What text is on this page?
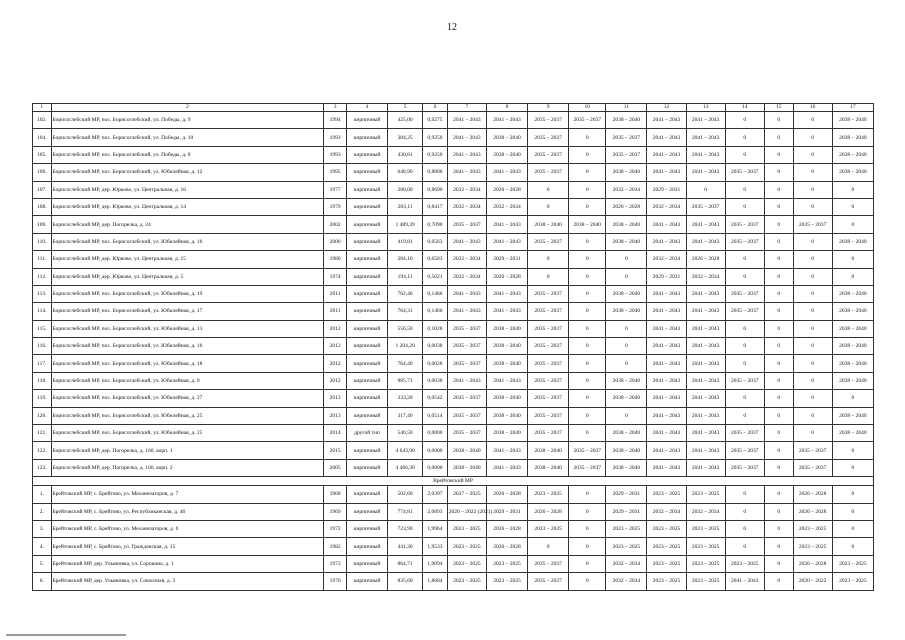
12
1	2	3	4	5	6	7	8	9	10	11	12	13	14	15	16	17
102.	Борисоглебский МР, пос. Борисоглебский, ул. Победы, д. 9	1994	кирпичный	425,00	0,9275	2041 – 2043	2041 – 2043	2035 – 2037	2035 – 2037	2038 – 2040	2041 – 2043	2041 – 2043	0	0	0	2038 – 2040
104.	Борисоглебский МР, пос. Борисоглебский, ул. Победы, д. 10	1993	кирпичный	384,25	0,9250	2041 – 2043	2038 – 2040	2035 – 2037	0	2035 – 2037	2041 – 2043	2041 – 2043	0	0	0	2038 – 2040
105.	Борисоглебский МР, пос. Борисоглебский, ул. Победы, д. 8	1993	кирпичный	430,81	0,9250	2041 – 2043	2038 – 2040	2035 – 2037	0	2035 – 2037	2041 – 2043	2041 – 2043	0	0	0	2038 – 2040
106.	Борисоглебский МР, пос. Борисоглебский, ул. Юбилейная, д. 12	1995	кирпичный	648,90	0,8806	2041 – 2043	2041 – 2043	2035 – 2037	0	2038 – 2040	2041 – 2043	2041 – 2043	2035 – 2037	0	0	2038 – 2040
107.	Борисоглебский МР, дер. Юрково, ул. Центральная, д. 16	1977	кирпичный	280,00	0,8690	2032 – 2034	2026 – 2028	0	0	2032 – 2034	2029 – 2031	0	0	0	0	0
108.	Борисоглебский МР, дер. Юрково, ул. Центральная, д. 14	1979	кирпичный	283,11	0,8417	2032 – 2034	2032 – 2034	0	0	2026 – 2028	2032 – 2034	2035 – 2037	0	0	0	0
109.	Борисоглебский МР, дер. Погорелка, д. 24	2002	кирпичный	1 489,39	0,7090	2035 – 2037	2041 – 2043	2038 – 2040	2038 – 2040	2038 – 2040	2041 – 2043	2041 – 2043	2035 – 2037	0	2035 – 2037	0
110.	Борисоглебский МР, пос. Борисоглебский, ул. Юбилейная, д. 16	2000	кирпичный	419,81	0,6563	2041 – 2043	2041 – 2043	2035 – 2037	0	2038 – 2040	2041 – 2043	2041 – 2043	2035 – 2037	0	0	2038 – 2040
111.	Борисоглебский МР, дер. Юрково, ул. Центральная, д. 15	1980	кирпичный	284,10	0,6583	2032 – 2034	2029 – 2031	0	0	0	2032 – 2034	2026 – 2028	0	0	0	0
112.	Борисоглебский МР, дер. Юрково, ул. Центральная, д. 5	1974	кирпичный	194,11	0,5021	2032 – 2034	2026 – 2028	0	0	0	2029 – 2031	2032 – 2034	0	0	0	0
113.	Борисоглебский МР, пос. Борисоглебский, ул. Юбилейная, д. 19	2011	кирпичный	762,46	0,1466	2041 – 2043	2041 – 2043	2035 – 2037	0	2038 – 2040	2041 – 2043	2041 – 2043	2035 – 2037	0	0	2038 – 2040
114.	Борисоглебский МР, пос. Борисоглебский, ул. Юбилейная, д. 17	2011	кирпичный	764,31	0,1466	2041 – 2043	2041 – 2043	2035 – 2037	0	2038 – 2040	2041 – 2043	2041 – 2043	2035 – 2037	0	0	2038 – 2040
115.	Борисоглебский МР, пос. Борисоглебский, ул. Юбилейная, д. 13	2012	кирпичный	556,50	0,1028	2035 – 2037	2038 – 2040	2035 – 2037	0	0	2041 – 2043	2041 – 2043	0	0	0	2038 – 2040
116.	Борисоглебский МР, пос. Борисоглебский, ул. Юбилейная, д. 16	2012	кирпичный	1 204,20	0,0038	2035 – 2037	2038 – 2040	2035 – 2037	0	0	2041 – 2043	2041 – 2043	0	0	0	2038 – 2040
117.	Борисоглебский МР, пос. Борисоглебский, ул. Юбилейная, д. 18	2012	кирпичный	764,40	0,0028	2035 – 2037	2038 – 2040	2035 – 2037	0	0	2041 – 2043	2041 – 2043	0	0	0	2038 – 2040
118.	Борисоглебский МР, пос. Борисоглебский, ул. Юбилейная, д. 9	2012	кирпичный	985,71	0,0038	2041 – 2043	2041 – 2043	2035 – 2037	0	2038 – 2040	2041 – 2043	2041 – 2043	2035 – 2037	0	0	2038 – 2040
119.	Борисоглебский МР, пос. Борисоглебский, ул. Юбилейная, д. 27	2013	кирпичный	333,28	0,0542	2035 – 2037	2038 – 2040	2035 – 2037	0	2038 – 2040	2041 – 2043	2041 – 2043	0	0	0	0
120.	Борисоглебский МР, пос. Борисоглебский, ул. Юбилейная, д. 25	2013	кирпичный	317,40	0,0514	2035 – 2037	2038 – 2040	2035 – 2037	0	0	2041 – 2043	2041 – 2043	0	0	0	2038 – 2040
121.	Борисоглебский МР, пос. Борисоглебский, ул. Юбилейная, д. 25	2014	другой тип	540,50	0,0000	2035 – 2037	2038 – 2040	2035 – 2037	0	2038 – 2040	2041 – 2043	2041 – 2043	2035 – 2037	0	0	2038 – 2040
122.	Борисоглебский МР, дер. Погорелка, д. 160, корп. 1	2015	кирпичный	4 643,90	0,0000	2038 – 2040	2041 – 2043	2038 – 2040	2035 – 2037	2038 – 2040	2041 – 2043	2041 – 2043	2035 – 2037	0	2035 – 2037	0
123.	Борисоглебский МР, дер. Погорелка, д. 160, корп. 2	2005	кирпичный	4 466,30	0,0000	2038 – 2040	2041 – 2043	2038 – 2040	2035 – 2037	2038 – 2040	2041 – 2043	2041 – 2043	2035 – 2037	0	2035 – 2037	0
Врейтовский МР																
1.	Брейтовский МР, с. Брейтово, ул. Механизаторов, д. 7	1968	кирпичный	502,60	2,0397	2037 – 2025	2026 – 2028	2023 – 2025	0	2029 – 2031	2023 – 2025	2023 – 2025	0	0	2026 – 2028	0
2.	Брейтовский МР, с. Брейтово, ул. Республиканская, д. 46	1969	кирпичный	774,81	2,0893	2020 – 2022 (2021)	2029 – 2031	2026 – 2028	0	2029 – 2031	2032 – 2034	2032 – 2034	0	0	2026 – 2028	0
3.	Брейтовский МР, с. Брейтово, ул. Механизаторов, д. 6	1972	кирпичный	723,90	1,9964	2023 – 2025	2026 – 2028	2023 – 2025	0	2023 – 2025	2023 – 2025	2023 – 2025	0	0	2023 – 2025	0
4.	Брейтовский МР, с. Брейтово, ул. Гражданская, д. 15	1982	кирпичный	441,30	1,9533	2023 – 2025	2026 – 2028	0	0	2023 – 2025	2023 – 2025	2023 – 2025	0	0	2023 – 2025	0
5.	Брейтовский МР, дер. Ульяновка, ул. Сорокина, д. 1	1973	кирпичный	864,71	1,9094	2023 – 2025	2023 – 2025	2035 – 2037	0	2032 – 2034	2023 – 2025	2023 – 2025	2023 – 2025	0	2026 – 2028	2023 – 2025
6.	Брейтовский МР, дер. Ульяновка, ул. Совхозная, д. 3	1976	кирпичный	835,60	1,8684	2023 – 2025	2023 – 2025	2035 – 2037	0	2032 – 2034	2023 – 2025	2023 – 2025	2041 – 2043	0	2020 – 2022	2023 – 2025
